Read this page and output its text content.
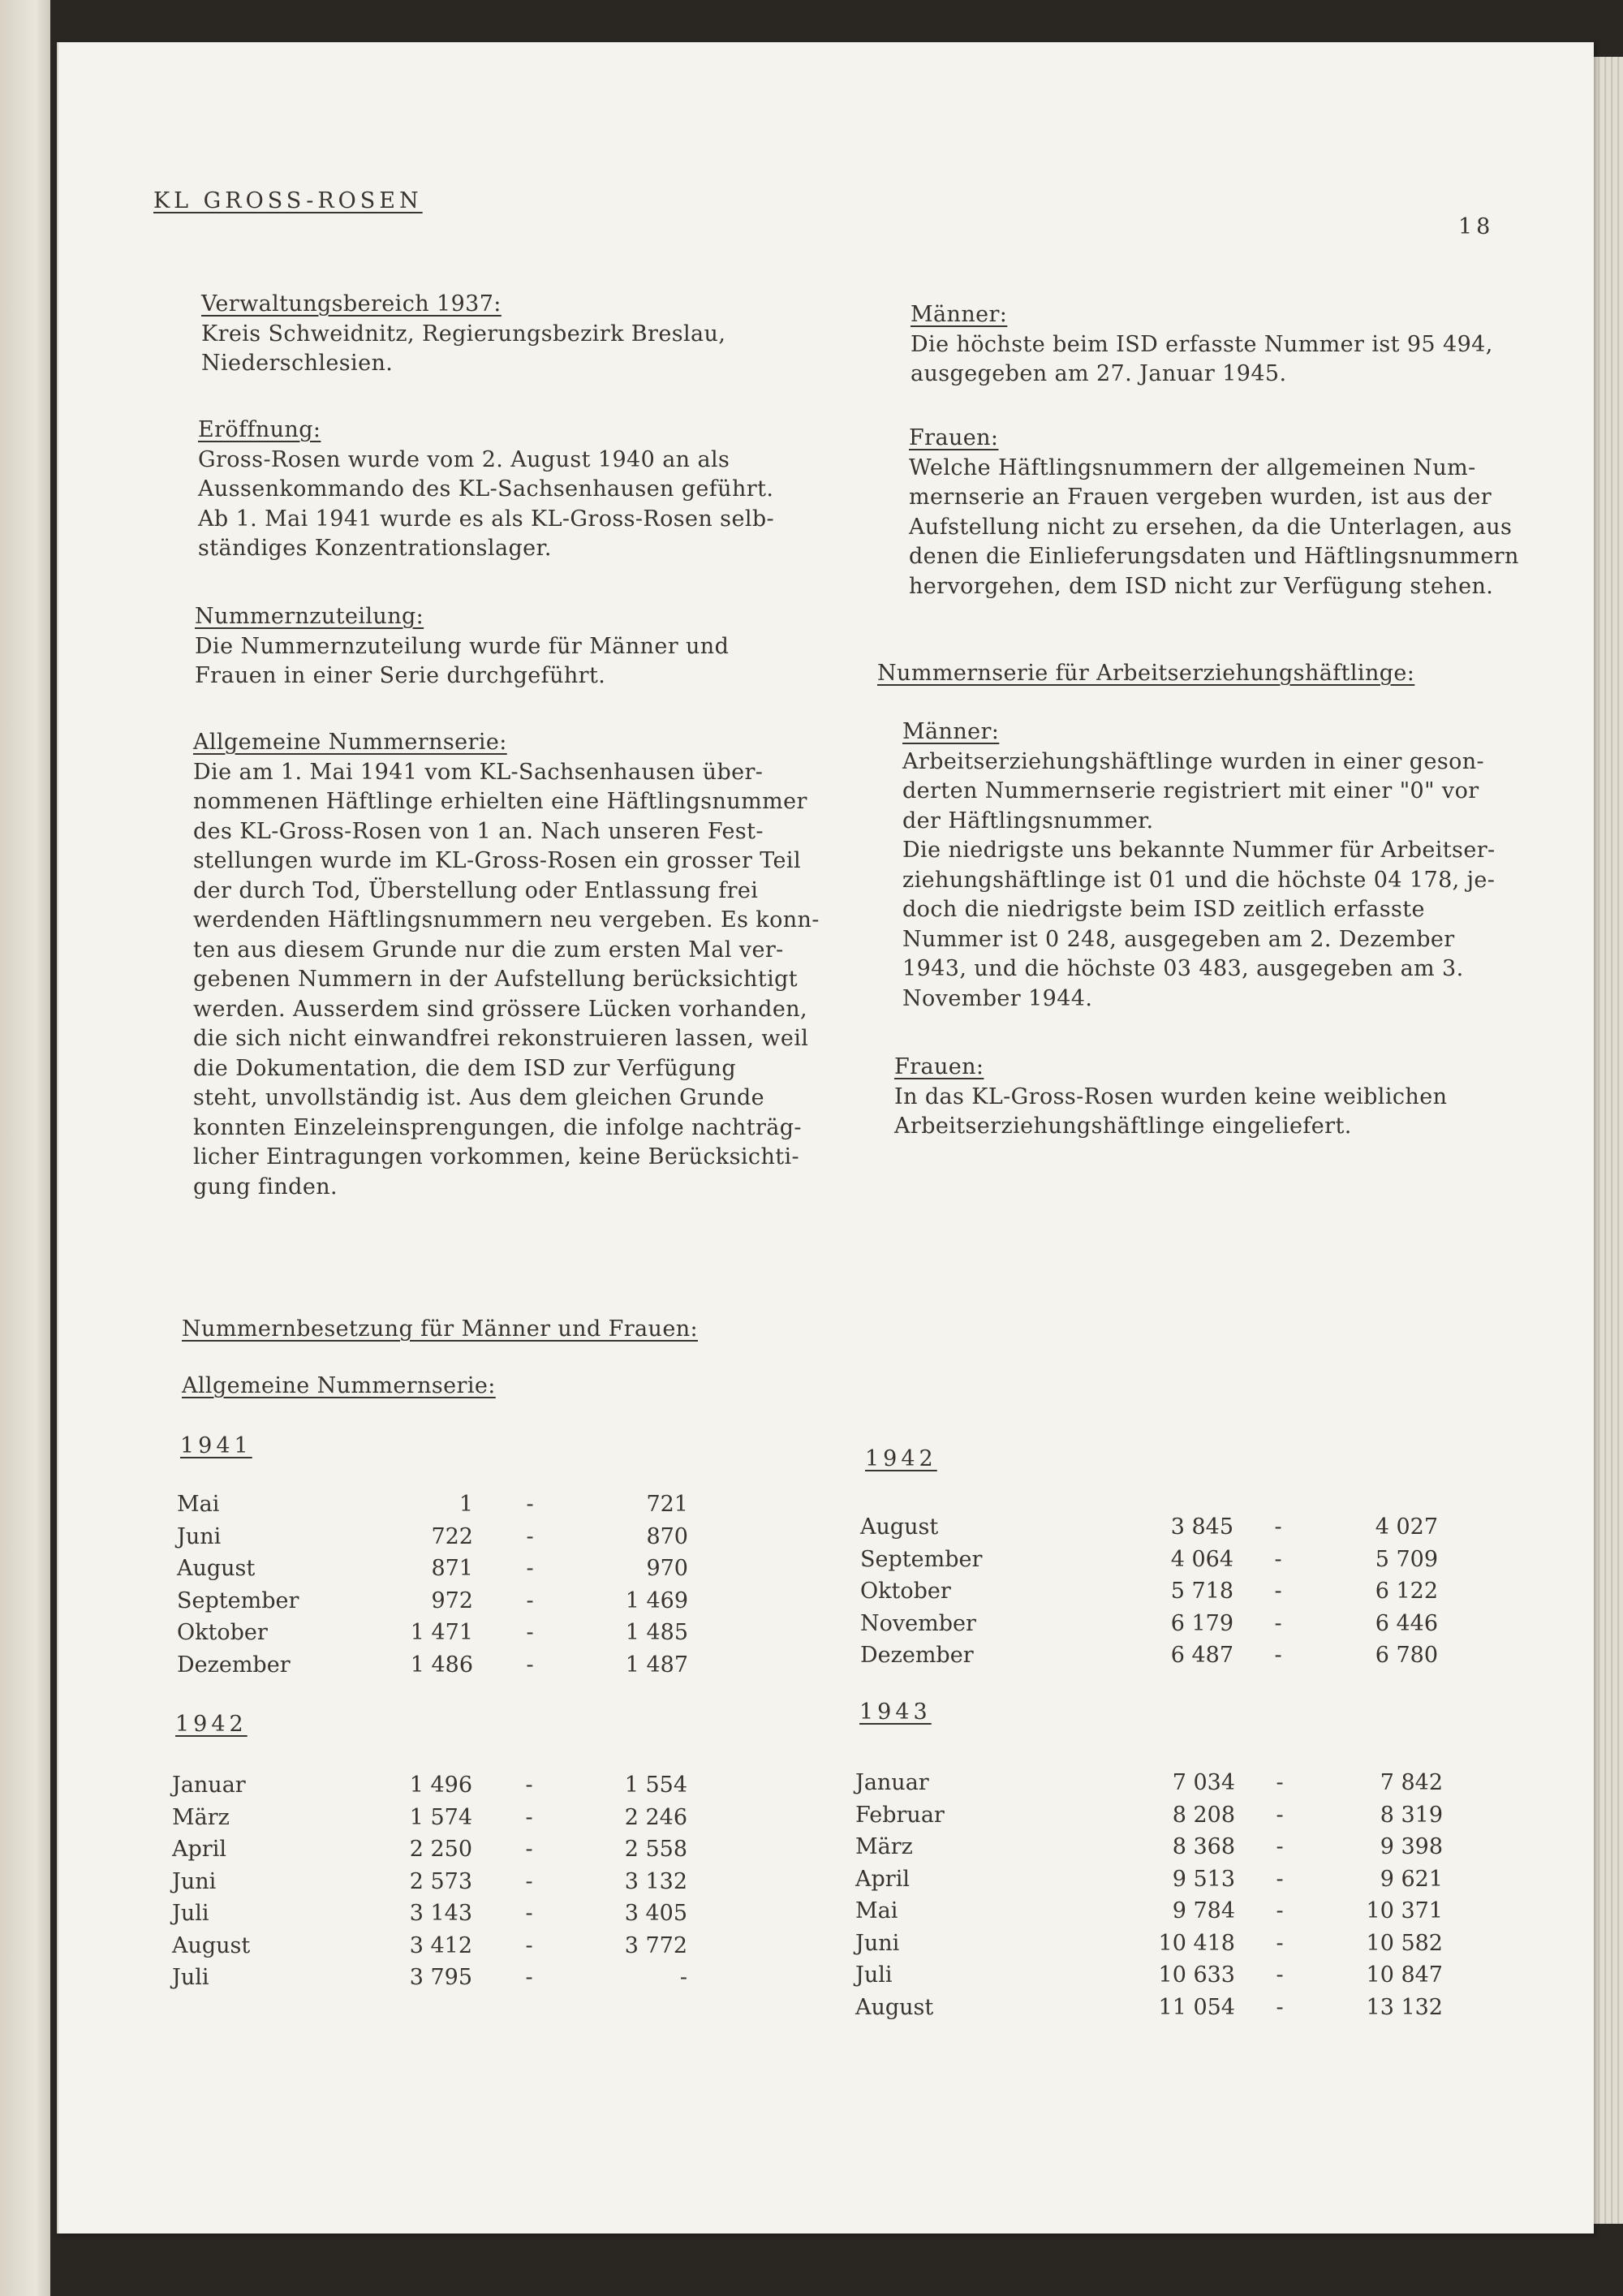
KL GROSS-ROSEN
18
Verwaltungsbereich 1937:

Kreis Schweidnitz, Regierungsbezirk Breslau,
Niederschlesien.

Eröffnung:

Gross-Rosen wurde vom 2. August 1940 an als
Aussenkommando des KL-Sachsenhausen geführt.
Ab 1. Mai 1941 wurde es als KL-Gross-Rosen selb-
ständiges Konzentrationslager.

Nummernzuteilung:

Die Nummernzuteilung wurde für Männer und
Frauen in einer Serie durchgeführt.

Allgemeine Nummernserie:

Die am 1. Mai 1941 vom KL-Sachsenhausen über-
nommenen Häftlinge erhielten eine Häftlingsnummer
des KL-Gross-Rosen von 1 an. Nach unseren Fest-
stellungen wurde im KL-Gross-Rosen ein grosser Teil
der durch Tod, Überstellung oder Entlassung frei
werdenden Häftlingsnummern neu vergeben. Es konn-
ten aus diesem Grunde nur die zum ersten Mal ver-
gebenen Nummern in der Aufstellung berücksichtigt
werden. Ausserdem sind grössere Lücken vorhanden,
die sich nicht einwandfrei rekonstruieren lassen, weil
die Dokumentation, die dem ISD zur Verfügung
steht, unvollständig ist. Aus dem gleichen Grunde
konnten Einzeleinsprengungen, die infolge nachträg-
licher Eintragungen vorkommen, keine Berücksichti-
gung finden.

Männer:

Die höchste beim ISD erfasste Nummer ist 95 494,
ausgegeben am 27. Januar 1945.

Frauen:

Welche Häftlingsnummern der allgemeinen Num-
mernserie an Frauen vergeben wurden, ist aus der
Aufstellung nicht zu ersehen, da die Unterlagen, aus
denen die Einlieferungsdaten und Häftlingsnummern
hervorgehen, dem ISD nicht zur Verfügung stehen.

Nummernserie für Arbeitserziehungshäftlinge:
Männer:

Arbeitserziehungshäftlinge wurden in einer geson-
derten Nummernserie registriert mit einer "0" vor
der Häftlingsnummer.
Die niedrigste uns bekannte Nummer für Arbeitser-
ziehungshäftlinge ist 01 und die höchste 04 178, je-
doch die niedrigste beim ISD zeitlich erfasste
Nummer ist 0 248, ausgegeben am 2. Dezember
1943, und die höchste 03 483, ausgegeben am 3.
November 1944.

Frauen:

In das KL-Gross-Rosen wurden keine weiblichen
Arbeitserziehungshäftlinge eingeliefert.

Nummernbesetzung für Männer und Frauen:
Allgemeine Nummernserie:
1941
Mai	1	-	721
Juni	722	-	870
August	871	-	970
September	972	-	1 469
Oktober	1 471	-	1 485
Dezember	1 486	-	1 487
1942
Januar	1 496	-	1 554
März	1 574	-	2 246
April	2 250	-	2 558
Juni	2 573	-	3 132
Juli	3 143	-	3 405
August	3 412	-	3 772
Juli	3 795	-	-
1942
August	3 845	-	4 027
September	4 064	-	5 709
Oktober	5 718	-	6 122
November	6 179	-	6 446
Dezember	6 487	-	6 780
1943
Januar	7 034	-	7 842
Februar	8 208	-	8 319
März	8 368	-	9 398
April	9 513	-	9 621
Mai	9 784	-	10 371
Juni	10 418	-	10 582
Juli	10 633	-	10 847
August	11 054	-	13 132
